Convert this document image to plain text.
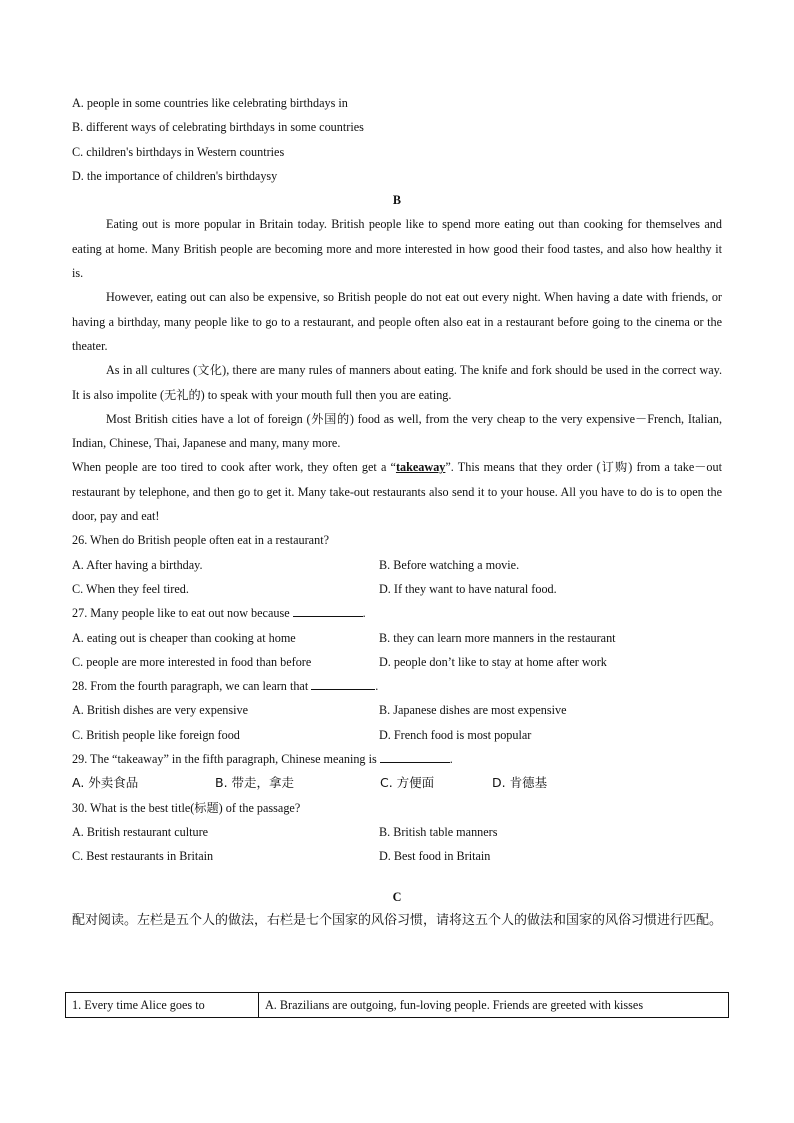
A. people in some countries like celebrating birthdays in
B. different ways of celebrating birthdays in some countries
C. children's birthdays in Western countries
D. the importance of children's birthdaysy
B

Eating out is more popular in Britain today. British people like to spend more eating out than cooking for themselves and eating at home. Many British people are becoming more and more interested in how good their food tastes, and also how healthy it is.

However, eating out can also be expensive, so British people do not eat out every night. When having a date with friends, or having a birthday, many people like to go to a restaurant, and people often also eat in a restaurant before going to the cinema or the theater.

As in all cultures (文化), there are many rules of manners about eating. The knife and fork should be used in the correct way. It is also impolite (无礼的) to speak with your mouth full then you are eating.

Most British cities have a lot of foreign (外国的) food as well, from the very cheap to the very expensive－French, Italian, Indian, Chinese, Thai, Japanese and many, many more.

When people are too tired to cook after work, they often get a “takeaway”. This means that they order (订购) from a take－out restaurant by telephone, and then go to get it. Many take-out restaurants also send it to your house. All you have to do is to open the door, pay and eat!

26. When do British people often eat in a restaurant?
A. After having a birthday.	B. Before watching a movie.
C. When they feel tired.	D. If they want to have natural food.
27. Many people like to eat out now because	.
A. eating out is cheaper than cooking at home	B. they can learn more manners in the restaurant
C. people are more interested in food than before	D. people don’t like to stay at home after work
28. From the fourth paragraph, we can learn that	.
A. British dishes are very expensive	B. Japanese dishes are most expensive
C. British people like foreign food	D. French food is most popular
29. The “takeaway” in the fifth paragraph, Chinese meaning is	.
A. 外卖食品	B. 带走，拿走	C. 方便面	D. 肯德基
30. What is the best title(标题) of the passage?
A. British restaurant culture	B. British table manners
C. Best restaurants in Britain	D. Best food in Britain
C

配对阅读。左栏是五个人的做法，右栏是七个国家的风俗习惯，请将这五个人的做法和国家的风俗习惯进行匹配。

1. Every time Alice goes to	A. Brazilians are outgoing, fun-loving people. Friends are greeted with kisses
